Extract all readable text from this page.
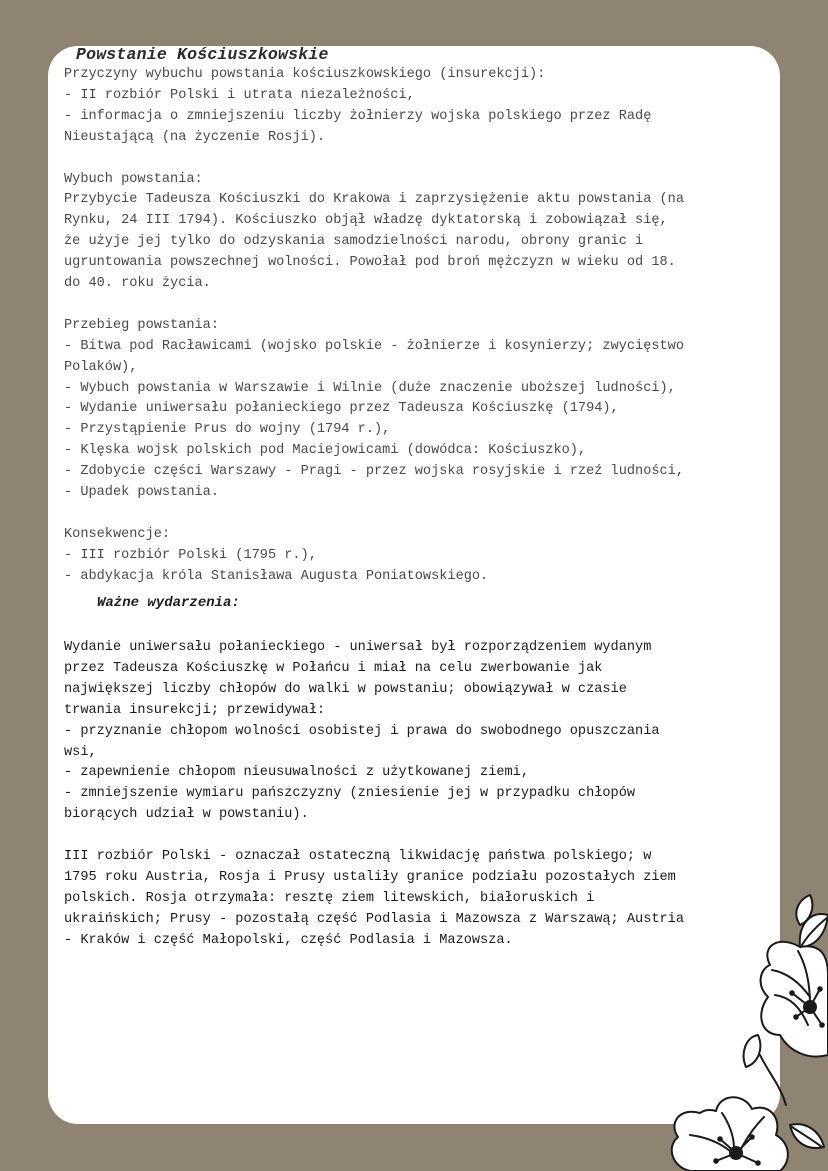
Powstanie Kościuszkowskie

Przyczyny wybuchu powstania kościuszkowskiego (insurekcji):

- II rozbiór Polski i utrata niezależności,

- informacja o zmniejszeniu liczby żołnierzy wojska polskiego przez Radę
Nieustającą (na życzenie Rosji).

Wybuch powstania:

Przybycie Tadeusza Kościuszki do Krakowa i zaprzysiężenie aktu powstania (na
Rynku, 24 III 1794). Kościuszko objął władzę dyktatorską i zobowiązał się,
że użyje jej tylko do odzyskania samodzielności narodu, obrony granic i
ugruntowania powszechnej wolności. Powołał pod broń mężczyzn w wieku od 18.
do 40. roku życia.

Przebieg powstania:

- Bitwa pod Racławicami (wojsko polskie - żołnierze i kosynierzy; zwycięstwo
Polaków),

- Wybuch powstania w Warszawie i Wilnie (duże znaczenie uboższej ludności),

- Wydanie uniwersału połanieckiego przez Tadeusza Kościuszkę (1794),

- Przystąpienie Prus do wojny (1794 r.),

- Klęska wojsk polskich pod Maciejowicami (dowódca: Kościuszko),

- Zdobycie części Warszawy - Pragi - przez wojska rosyjskie i rzeź ludności,

- Upadek powstania.

Konsekwencje:

- III rozbiór Polski (1795 r.),

- abdykacja króla Stanisława Augusta Poniatowskiego.

Ważne wydarzenia:

Wydanie uniwersału połanieckiego - uniwersał był rozporządzeniem wydanym
przez Tadeusza Kościuszkę w Połańcu i miał na celu zwerbowanie jak
największej liczby chłopów do walki w powstaniu; obowiązywał w czasie
trwania insurekcji; przewidywał:

- przyznanie chłopom wolności osobistej i prawa do swobodnego opuszczania
wsi,

- zapewnienie chłopom nieusuwalności z użytkowanej ziemi,

- zmniejszenie wymiaru pańszczyzny (zniesienie jej w przypadku chłopów
biorących udział w powstaniu).

III rozbiór Polski - oznaczał ostateczną likwidację państwa polskiego; w
1795 roku Austria, Rosja i Prusy ustaliły granice podziału pozostałych ziem
polskich. Rosja otrzymała: resztę ziem litewskich, białoruskich i
ukraińskich; Prusy - pozostałą część Podlasia i Mazowsza z Warszawą; Austria
- Kraków i część Małopolski, część Podlasia i Mazowsza.
